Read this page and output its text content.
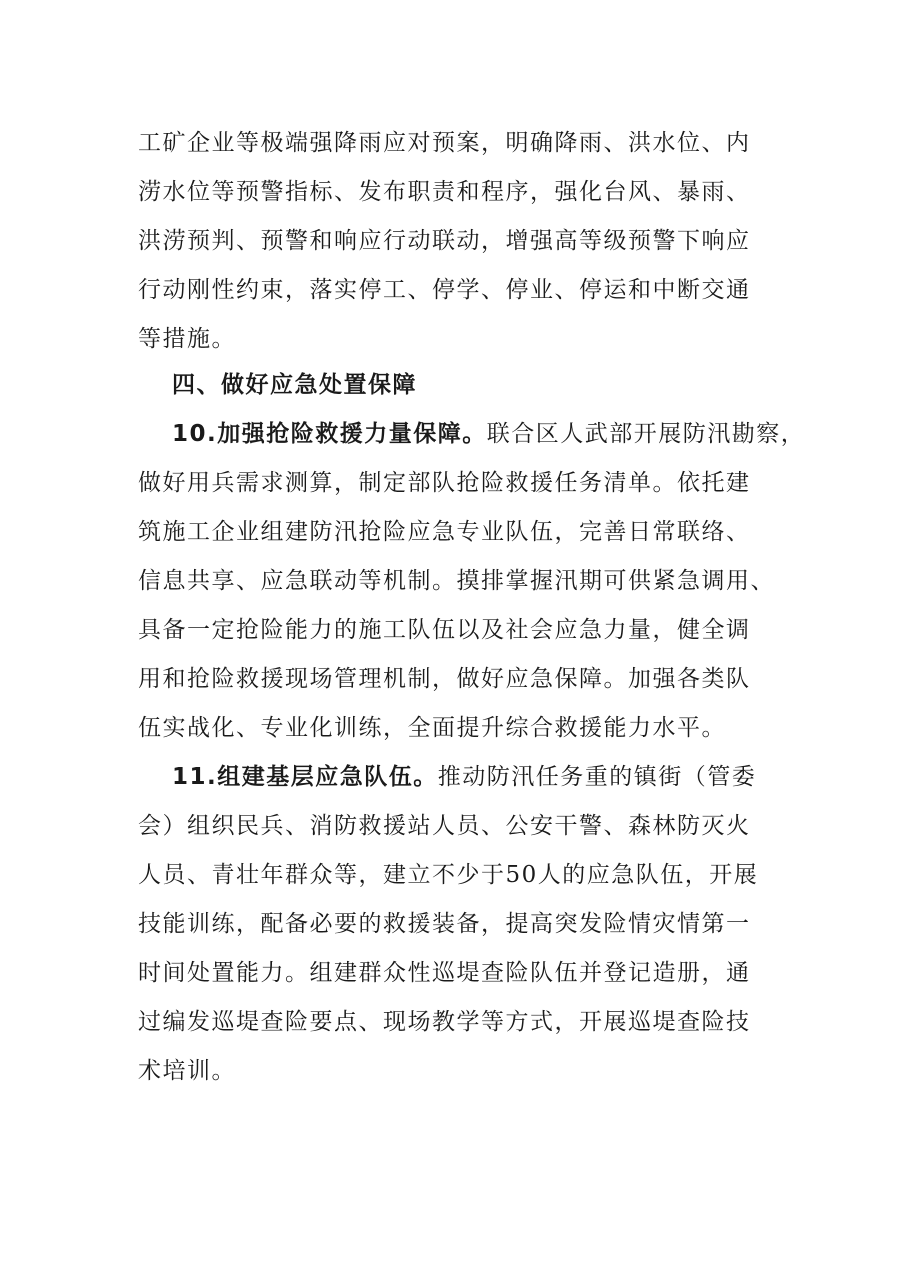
工矿企业等极端强降雨应对预案，明确降雨、洪水位、内
涝水位等预警指标、发布职责和程序，强化台风、暴雨、
洪涝预判、预警和响应行动联动，增强高等级预警下响应
行动刚性约束，落实停工、停学、停业、停运和中断交通
等措施。
四、做好应急处置保障
10.加强抢险救援力量保障。联合区人武部开展防汛勘察，
做好用兵需求测算，制定部队抢险救援任务清单。依托建
筑施工企业组建防汛抢险应急专业队伍，完善日常联络、
信息共享、应急联动等机制。摸排掌握汛期可供紧急调用、
具备一定抢险能力的施工队伍以及社会应急力量，健全调
用和抢险救援现场管理机制，做好应急保障。加强各类队
伍实战化、专业化训练，全面提升综合救援能力水平。
11.组建基层应急队伍。推动防汛任务重的镇街（管委
会）组织民兵、消防救援站人员、公安干警、森林防灭火
人员、青壮年群众等，建立不少于50人的应急队伍，开展
技能训练，配备必要的救援装备，提高突发险情灾情第一
时间处置能力。组建群众性巡堤查险队伍并登记造册，通
过编发巡堤查险要点、现场教学等方式，开展巡堤查险技
术培训。
